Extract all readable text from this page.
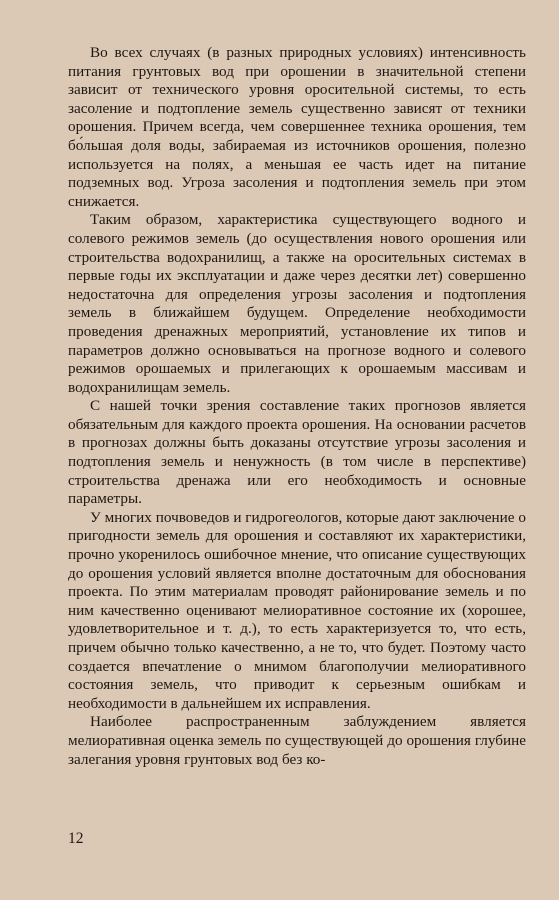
Во всех случаях (в разных природных условиях) интенсивность питания грунтовых вод при орошении в значительной степени зависит от технического уровня оросительной системы, то есть засоление и подтопление земель существенно зависят от техники орошения. Причем всегда, чем совершеннее техника орошения, тем бо́льшая доля воды, забираемая из источников орошения, полезно используется на полях, а меньшая ее часть идет на питание подземных вод. Угроза засоления и подтопления земель при этом снижается.

Таким образом, характеристика существующего водного и солевого режимов земель (до осуществления нового орошения или строительства водохранилищ, а также на оросительных системах в первые годы их эксплуатации и даже через десятки лет) совершенно недостаточна для определения угрозы засоления и подтопления земель в ближайшем будущем. Определение необходимости проведения дренажных мероприятий, установление их типов и параметров должно основываться на прогнозе водного и солевого режимов орошаемых и прилегающих к орошаемым массивам и водохранилищам земель.

С нашей точки зрения составление таких прогнозов является обязательным для каждого проекта орошения. На основании расчетов в прогнозах должны быть доказаны отсутствие угрозы засоления и подтопления земель и ненужность (в том числе в перспективе) строительства дренажа или его необходимость и основные параметры.

У многих почвоведов и гидрогеологов, которые дают заключение о пригодности земель для орошения и составляют их характеристики, прочно укоренилось ошибочное мнение, что описание существующих до орошения условий является вполне достаточным для обоснования проекта. По этим материалам проводят районирование земель и по ним качественно оценивают мелиоративное состояние их (хорошее, удовлетворительное и т. д.), то есть характеризуется то, что есть, причем обычно только качественно, а не то, что будет. Поэтому часто создается впечатление о мнимом благополучии мелиоративного состояния земель, что приводит к серьезным ошибкам и необходимости в дальнейшем их исправления.

Наиболее распространенным заблуждением является мелиоративная оценка земель по существующей до орошения глубине залегания уровня грунтовых вод без ко-

12
